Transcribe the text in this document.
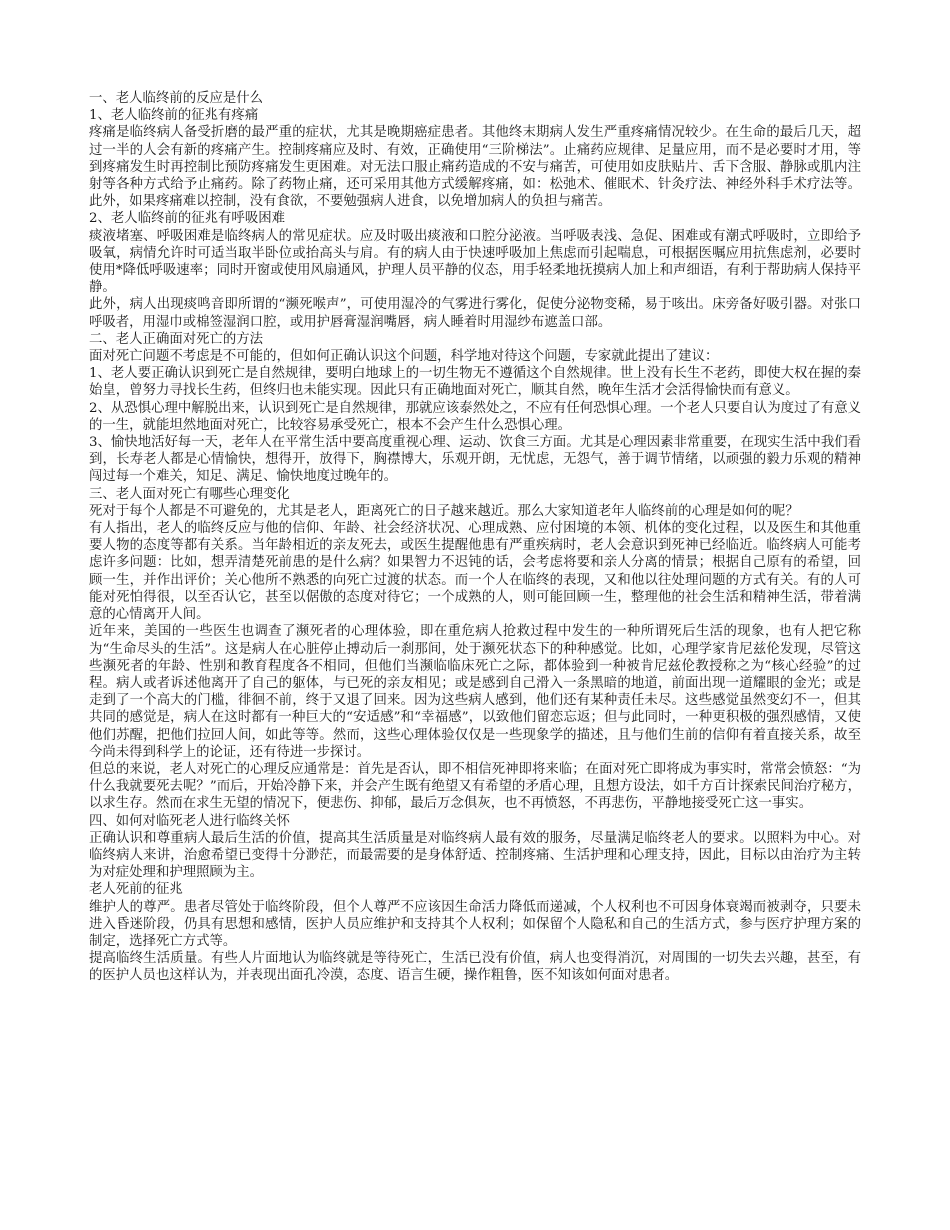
一、老人临终前的反应是什么

1、老人临终前的征兆有疼痛

疼痛是临终病人备受折磨的最严重的症状，尤其是晚期癌症患者。其他终末期病人发生严重疼痛情况较少。在生命的最后几天，超过一半的人会有新的疼痛产生。控制疼痛应及时、有效，正确使用“三阶梯法”。止痛药应规律、足量应用，而不是必要时才用，等到疼痛发生时再控制比预防疼痛发生更困难。对无法口服止痛药造成的不安与痛苦，可使用如皮肤贴片、舌下含服、静脉或肌内注射等各种方式给予止痛药。除了药物止痛，还可采用其他方式缓解疼痛，如：松弛术、催眠术、针灸疗法、神经外科手术疗法等。此外，如果疼痛难以控制，没有食欲，不要勉强病人进食，以免增加病人的负担与痛苦。

2、老人临终前的征兆有呼吸困难

痰液堵塞、呼吸困难是临终病人的常见症状。应及时吸出痰液和口腔分泌液。当呼吸表浅、急促、困难或有潮式呼吸时，立即给予吸氧，病情允许时可适当取半卧位或抬高头与肩。有的病人由于快速呼吸加上焦虑而引起喘息，可根据医嘱应用抗焦虑剂，必要时使用*降低呼吸速率；同时开窗或使用风扇通风，护理人员平静的仪态，用手轻柔地抚摸病人加上和声细语，有利于帮助病人保持平静。

此外，病人出现痰鸣音即所谓的“濒死喉声”，可使用湿冷的气雾进行雾化，促使分泌物变稀，易于咳出。床旁备好吸引器。对张口呼吸者，用湿巾或棉签湿润口腔，或用护唇膏湿润嘴唇，病人睡着时用湿纱布遮盖口部。

二、老人正确面对死亡的方法

面对死亡问题不考虑是不可能的，但如何正确认识这个问题，科学地对待这个问题，专家就此提出了建议：

1、老人要正确认识到死亡是自然规律，要明白地球上的一切生物无不遵循这个自然规律。世上没有长生不老药，即使大权在握的秦始皇，曾努力寻找长生药，但终归也未能实现。因此只有正确地面对死亡，顺其自然，晚年生活才会活得愉快而有意义。

2、从恐惧心理中解脱出来，认识到死亡是自然规律，那就应该泰然处之，不应有任何恐惧心理。一个老人只要自认为度过了有意义的一生，就能坦然地面对死亡，比较容易承受死亡，根本不会产生什么恐惧心理。

3、愉快地活好每一天，老年人在平常生活中要高度重视心理、运动、饮食三方面。尤其是心理因素非常重要，在现实生活中我们看到，长寿老人都是心情愉快，想得开，放得下，胸襟博大，乐观开朗，无忧虑，无怨气，善于调节情绪，以顽强的毅力乐观的精神闯过每一个难关，知足、满足、愉快地度过晚年的。

三、老人面对死亡有哪些心理变化

死对于每个人都是不可避免的，尤其是老人，距离死亡的日子越来越近。那么大家知道老年人临终前的心理是如何的呢？

有人指出，老人的临终反应与他的信仰、年龄、社会经济状况、心理成熟、应付困境的本领、机体的变化过程，以及医生和其他重要人物的态度等都有关系。当年龄相近的亲友死去，或医生提醒他患有严重疾病时，老人会意识到死神已经临近。临终病人可能考虑许多问题：比如，想弄清楚死前患的是什么病？如果智力不迟钝的话，会考虑将要和亲人分离的情景；根据自己原有的希望，回顾一生，并作出评价；关心他所不熟悉的向死亡过渡的状态。而一个人在临终的表现，又和他以往处理问题的方式有关。有的人可能对死怕得很，以至否认它，甚至以倨傲的态度对待它；一个成熟的人，则可能回顾一生，整理他的社会生活和精神生活，带着满意的心情离开人间。

近年来，美国的一些医生也调查了濒死者的心理体验，即在重危病人抢救过程中发生的一种所谓死后生活的现象，也有人把它称为“生命尽头的生活”。这是病人在心脏停止搏动后一刹那间，处于濒死状态下的种种感觉。比如，心理学家肯尼兹伦发现，尽管这些濒死者的年龄、性别和教育程度各不相同，但他们当濒临临床死亡之际，都体验到一种被肯尼兹伦教授称之为“核心经验”的过程。病人或者诉述他离开了自己的躯体，与已死的亲友相见；或是感到自己滑入一条黑暗的地道，前面出现一道耀眼的金光；或是走到了一个高大的门槛，徘徊不前，终于又退了回来。因为这些病人感到，他们还有某种责任未尽。这些感觉虽然变幻不一，但其共同的感觉是，病人在这时都有一种巨大的“安适感”和“幸福感”，以致他们留恋忘返；但与此同时，一种更积极的强烈感情，又使他们苏醒，把他们拉回人间，如此等等。然而，这些心理体验仅仅是一些现象学的描述，且与他们生前的信仰有着直接关系，故至今尚未得到科学上的论证，还有待进一步探讨。

但总的来说，老人对死亡的心理反应通常是：首先是否认，即不相信死神即将来临；在面对死亡即将成为事实时，常常会愤怒：“为什么我就要死去呢？”而后，开始冷静下来，并会产生既有绝望又有希望的矛盾心理，且想方设法，如千方百计探索民间治疗秘方，以求生存。然而在求生无望的情况下，便悲伤、抑郁，最后万念俱灰，也不再愤怒，不再悲伤，平静地接受死亡这一事实。

四、如何对临死老人进行临终关怀

正确认识和尊重病人最后生活的价值，提高其生活质量是对临终病人最有效的服务，尽量满足临终老人的要求。以照料为中心。对临终病人来讲，治愈希望已变得十分渺茫，而最需要的是身体舒适、控制疼痛、生活护理和心理支持，因此，目标以由治疗为主转为对症处理和护理照顾为主。

老人死前的征兆

维护人的尊严。患者尽管处于临终阶段，但个人尊严不应该因生命活力降低而递减，个人权利也不可因身体衰竭而被剥夺，只要未进入昏迷阶段，仍具有思想和感情，医护人员应维护和支持其个人权利；如保留个人隐私和自己的生活方式，参与医疗护理方案的制定，选择死亡方式等。

提高临终生活质量。有些人片面地认为临终就是等待死亡，生活已没有价值，病人也变得消沉，对周围的一切失去兴趣，甚至，有的医护人员也这样认为，并表现出面孔冷漠，态度、语言生硬，操作粗鲁，医不知该如何面对患者。
